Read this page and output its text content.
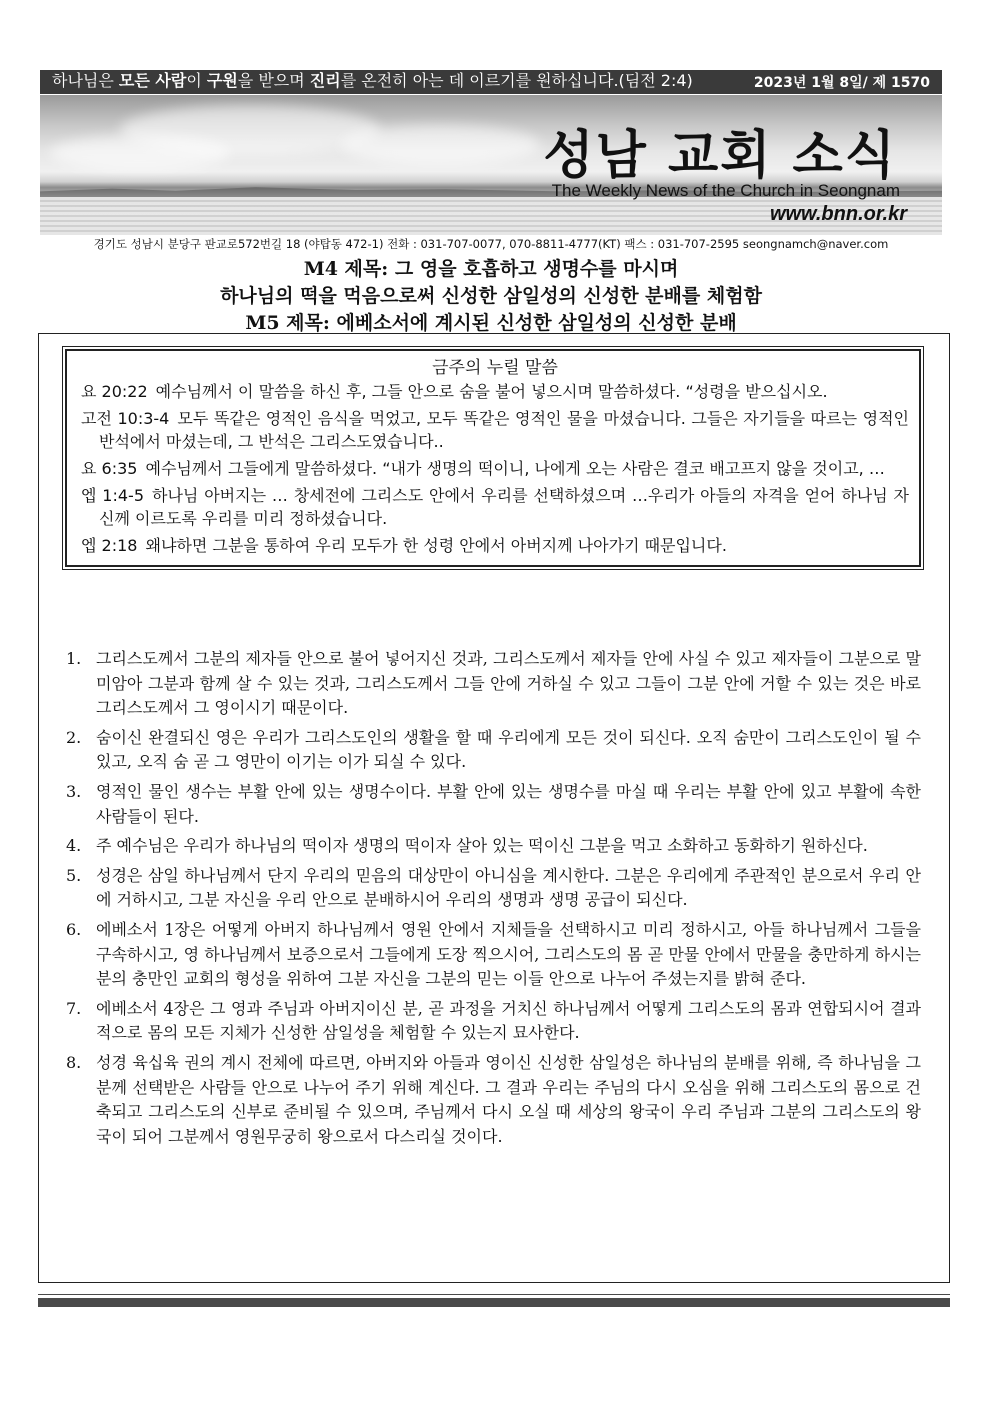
하나님은 모든 사람이 구원을 받으며 진리를 온전히 아는 데 이르기를 원하십니다.(딤전 2:4)	2023년 1월 8일/ 제 1570
성남 교회 소식
The Weekly News of the Church in Seongnam
www.bnn.or.kr
경기도 성남시 분당구 판교로572번길 18 (야탑동 472-1) 전화 : 031-707-0077, 070-8811-4777(KT) 팩스 : 031-707-2595 seongnamch@naver.com
M4 제목: 그 영을 호흡하고 생명수를 마시며
하나님의 떡을 먹음으로써 신성한 삼일성의 신성한 분배를 체험함
M5 제목: 에베소서에 계시된 신성한 삼일성의 신성한 분배
금주의 누릴 말씀
요 20:22 예수님께서 이 말씀을 하신 후, 그들 안으로 숨을 불어 넣으시며 말씀하셨다. “성령을 받으십시오.
고전 10:3-4 모두 똑같은 영적인 음식을 먹었고, 모두 똑같은 영적인 물을 마셨습니다. 그들은 자기들을 따르는 영적인 반석에서 마셨는데, 그 반석은 그리스도였습니다..
요 6:35 예수님께서 그들에게 말씀하셨다. “내가 생명의 떡이니, 나에게 오는 사람은 결코 배고프지 않을 것이고, …
엡 1:4-5 하나님 아버지는 … 창세전에 그리스도 안에서 우리를 선택하셨으며 …우리가 아들의 자격을 얻어 하나님 자신께 이르도록 우리를 미리 정하셨습니다.
엡 2:18 왜냐하면 그분을 통하여 우리 모두가 한 성령 안에서 아버지께 나아가기 때문입니다.
1. 그리스도께서 그분의 제자들 안으로 불어 넣어지신 것과, 그리스도께서 제자들 안에 사실 수 있고 제자들이 그분으로 말미암아 그분과 함께 살 수 있는 것과, 그리스도께서 그들 안에 거하실 수 있고 그들이 그분 안에 거할 수 있는 것은 바로 그리스도께서 그 영이시기 때문이다.
2. 숨이신 완결되신 영은 우리가 그리스도인의 생활을 할 때 우리에게 모든 것이 되신다. 오직 숨만이 그리스도인이 될 수 있고, 오직 숨 곧 그 영만이 이기는 이가 되실 수 있다.
3. 영적인 물인 생수는 부활 안에 있는 생명수이다. 부활 안에 있는 생명수를 마실 때 우리는 부활 안에 있고 부활에 속한 사람들이 된다.
4. 주 예수님은 우리가 하나님의 떡이자 생명의 떡이자 살아 있는 떡이신 그분을 먹고 소화하고 동화하기 원하신다.
5. 성경은 삼일 하나님께서 단지 우리의 믿음의 대상만이 아니심을 계시한다. 그분은 우리에게 주관적인 분으로서 우리 안에 거하시고, 그분 자신을 우리 안으로 분배하시어 우리의 생명과 생명 공급이 되신다.
6. 에베소서 1장은 어떻게 아버지 하나님께서 영원 안에서 지체들을 선택하시고 미리 정하시고, 아들 하나님께서 그들을 구속하시고, 영 하나님께서 보증으로서 그들에게 도장 찍으시어, 그리스도의 몸 곧 만물 안에서 만물을 충만하게 하시는 분의 충만인 교회의 형성을 위하여 그분 자신을 그분의 믿는 이들 안으로 나누어 주셨는지를 밝혀 준다.
7. 에베소서 4장은 그 영과 주님과 아버지이신 분, 곧 과정을 거치신 하나님께서 어떻게 그리스도의 몸과 연합되시어 결과적으로 몸의 모든 지체가 신성한 삼일성을 체험할 수 있는지 묘사한다.
8. 성경 육십육 권의 계시 전체에 따르면, 아버지와 아들과 영이신 신성한 삼일성은 하나님의 분배를 위해, 즉 하나님을 그분께 선택받은 사람들 안으로 나누어 주기 위해 계신다. 그 결과 우리는 주님의 다시 오심을 위해 그리스도의 몸으로 건축되고 그리스도의 신부로 준비될 수 있으며, 주님께서 다시 오실 때 세상의 왕국이 우리 주님과 그분의 그리스도의 왕국이 되어 그분께서 영원무궁히 왕으로서 다스리실 것이다.
